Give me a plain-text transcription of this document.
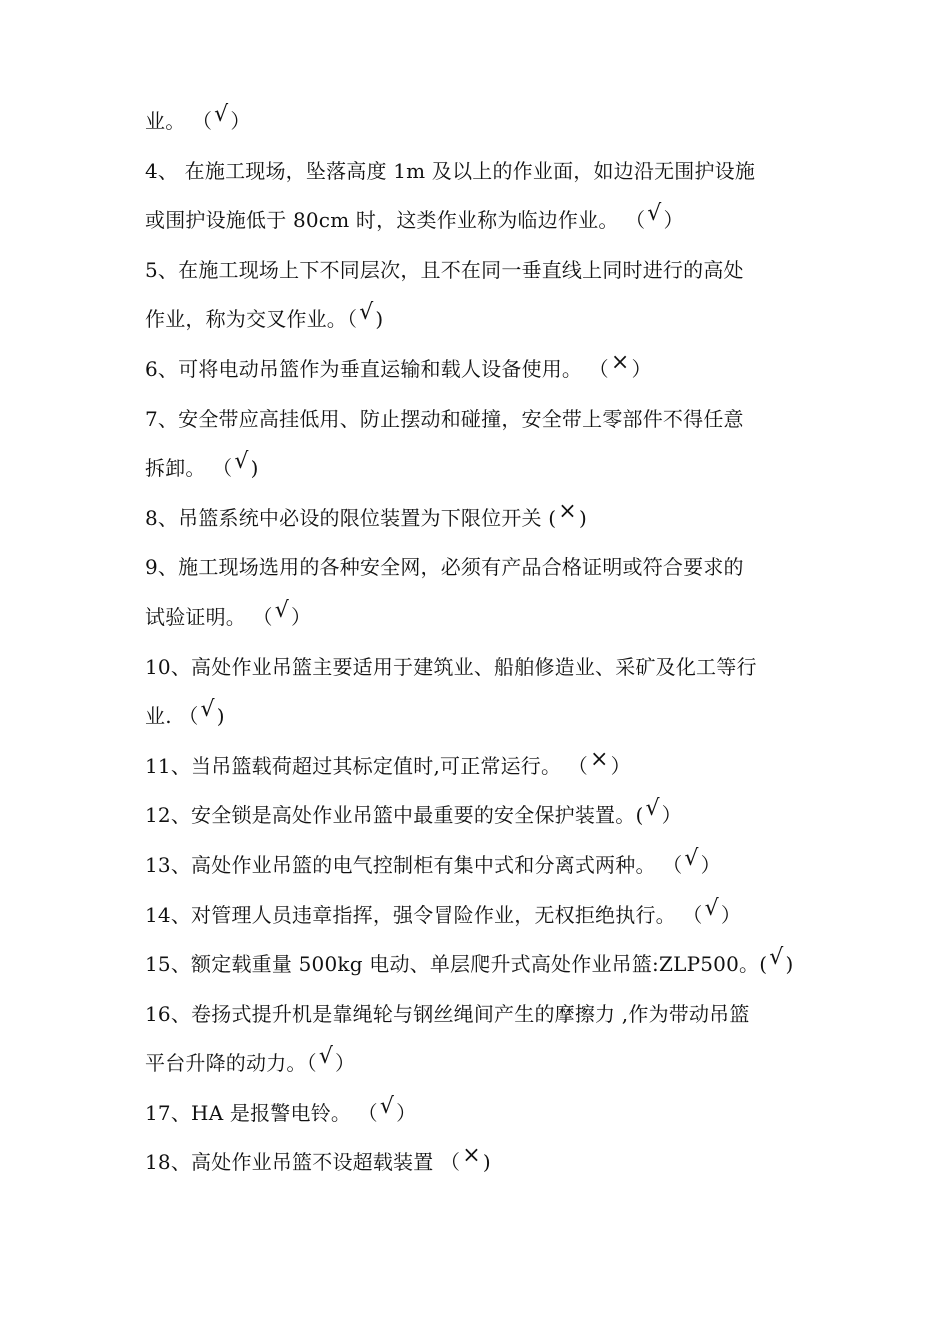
业。 （√ ）
4、 在施工现场，坠落高度 1m 及以上的作业面，如边沿无围护设施
或围护设施低于 80cm 时，这类作业称为临边作业。 （√ ）
5、在施工现场上下不同层次，且不在同一垂直线上同时进行的高处
作业，称为交叉作业。（√ )
6、可将电动吊篮作为垂直运输和载人设备使用。 （× ）
7、安全带应高挂低用、防止摆动和碰撞，安全带上零部件不得任意
拆卸。 （√ )
8、吊篮系统中必设的限位装置为下限位开关 (× )
9、施工现场选用的各种安全网，必须有产品合格证明或符合要求的
试验证明。 （√ ）
10、高处作业吊篮主要适用于建筑业、船舶修造业、采矿及化工等行
业. （√ )
11、当吊篮载荷超过其标定值时,可正常运行。 （× ）
12、安全锁是高处作业吊篮中最重要的安全保护装置。(√ ）
13、高处作业吊篮的电气控制柜有集中式和分离式两种。 （√ ）
14、对管理人员违章指挥，强令冒险作业，无权拒绝执行。 （√ ）
15、额定载重量 500kg 电动、单层爬升式高处作业吊篮:ZLP500。(√ )
16、卷扬式提升机是靠绳轮与钢丝绳间产生的摩擦力 ,作为带动吊篮
平台升降的动力。（√ ）
17、HA 是报警电铃。 （√ ）
18、高处作业吊篮不设超载装置 （× )
